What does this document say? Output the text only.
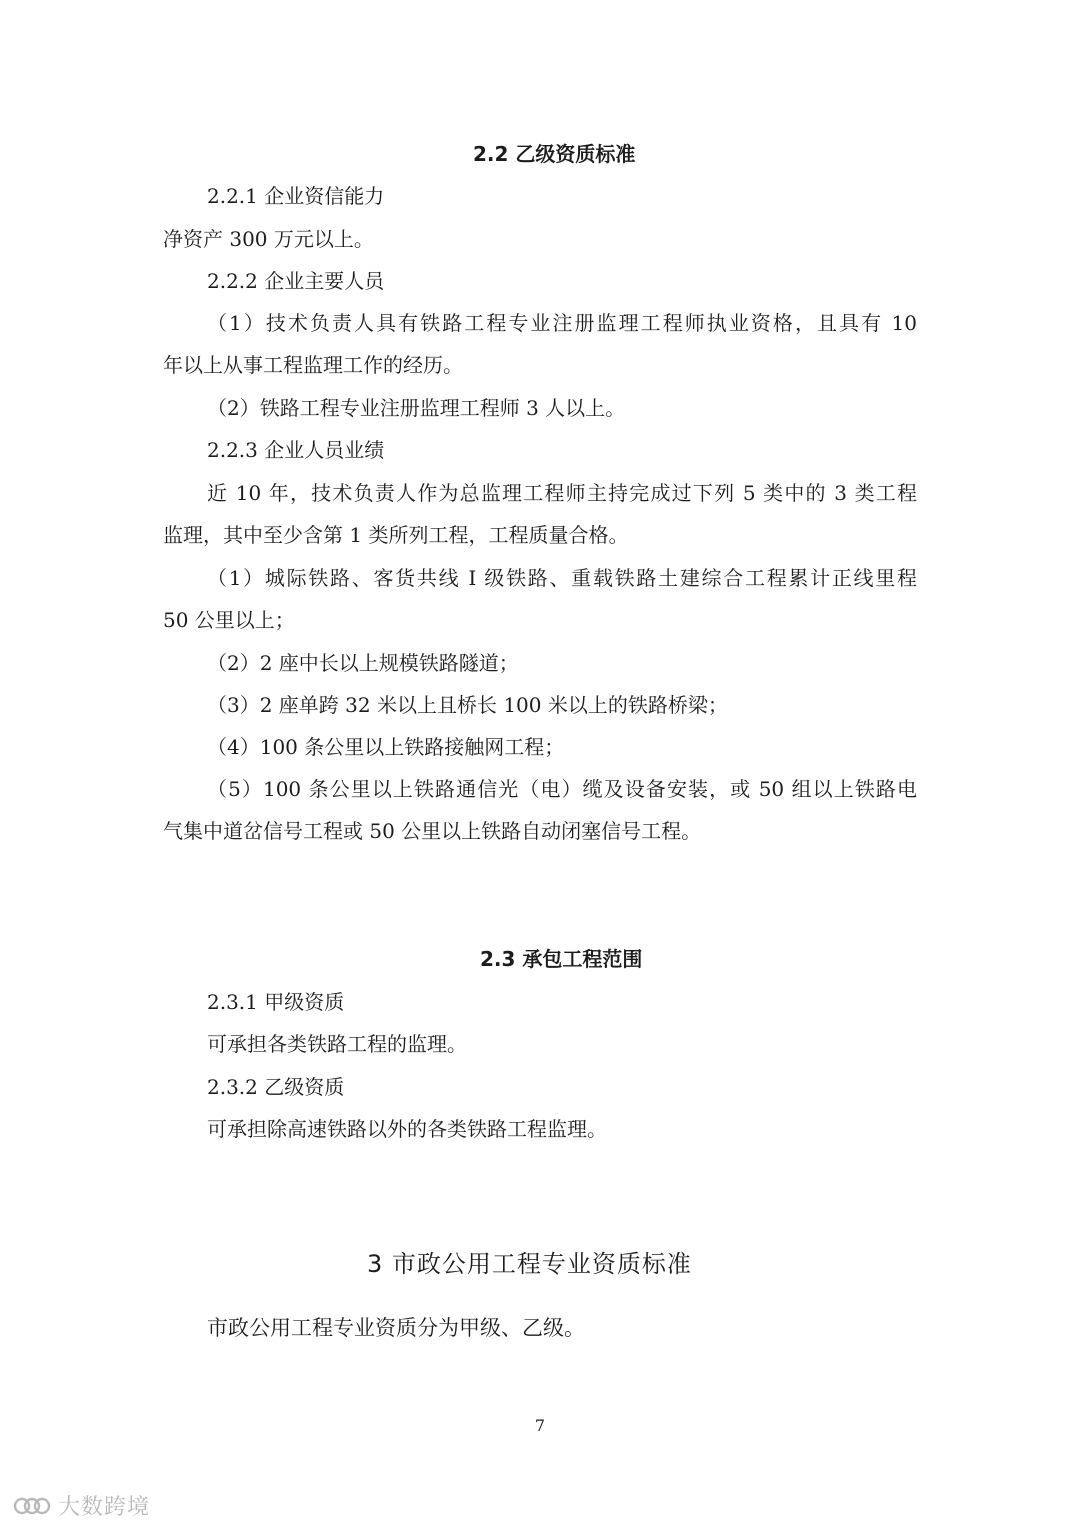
2.2 乙级资质标准
2.2.1 企业资信能力
净资产 300 万元以上。
2.2.2 企业主要人员
（1）技术负责人具有铁路工程专业注册监理工程师执业资格，且具有 10
年以上从事工程监理工作的经历。
（2）铁路工程专业注册监理工程师 3 人以上。
2.2.3 企业人员业绩
近 10 年，技术负责人作为总监理工程师主持完成过下列 5 类中的 3 类工程
监理，其中至少含第 1 类所列工程，工程质量合格。
（1）城际铁路、客货共线 I 级铁路、重载铁路土建综合工程累计正线里程
50 公里以上；
（2）2 座中长以上规模铁路隧道；
（3）2 座单跨 32 米以上且桥长 100 米以上的铁路桥梁；
（4）100 条公里以上铁路接触网工程；
（5）100 条公里以上铁路通信光（电）缆及设备安装，或 50 组以上铁路电
气集中道岔信号工程或 50 公里以上铁路自动闭塞信号工程。
2.3 承包工程范围
2.3.1 甲级资质
可承担各类铁路工程的监理。
2.3.2 乙级资质
可承担除高速铁路以外的各类铁路工程监理。
3 市政公用工程专业资质标准
市政公用工程专业资质分为甲级、乙级。
7
大数跨境
